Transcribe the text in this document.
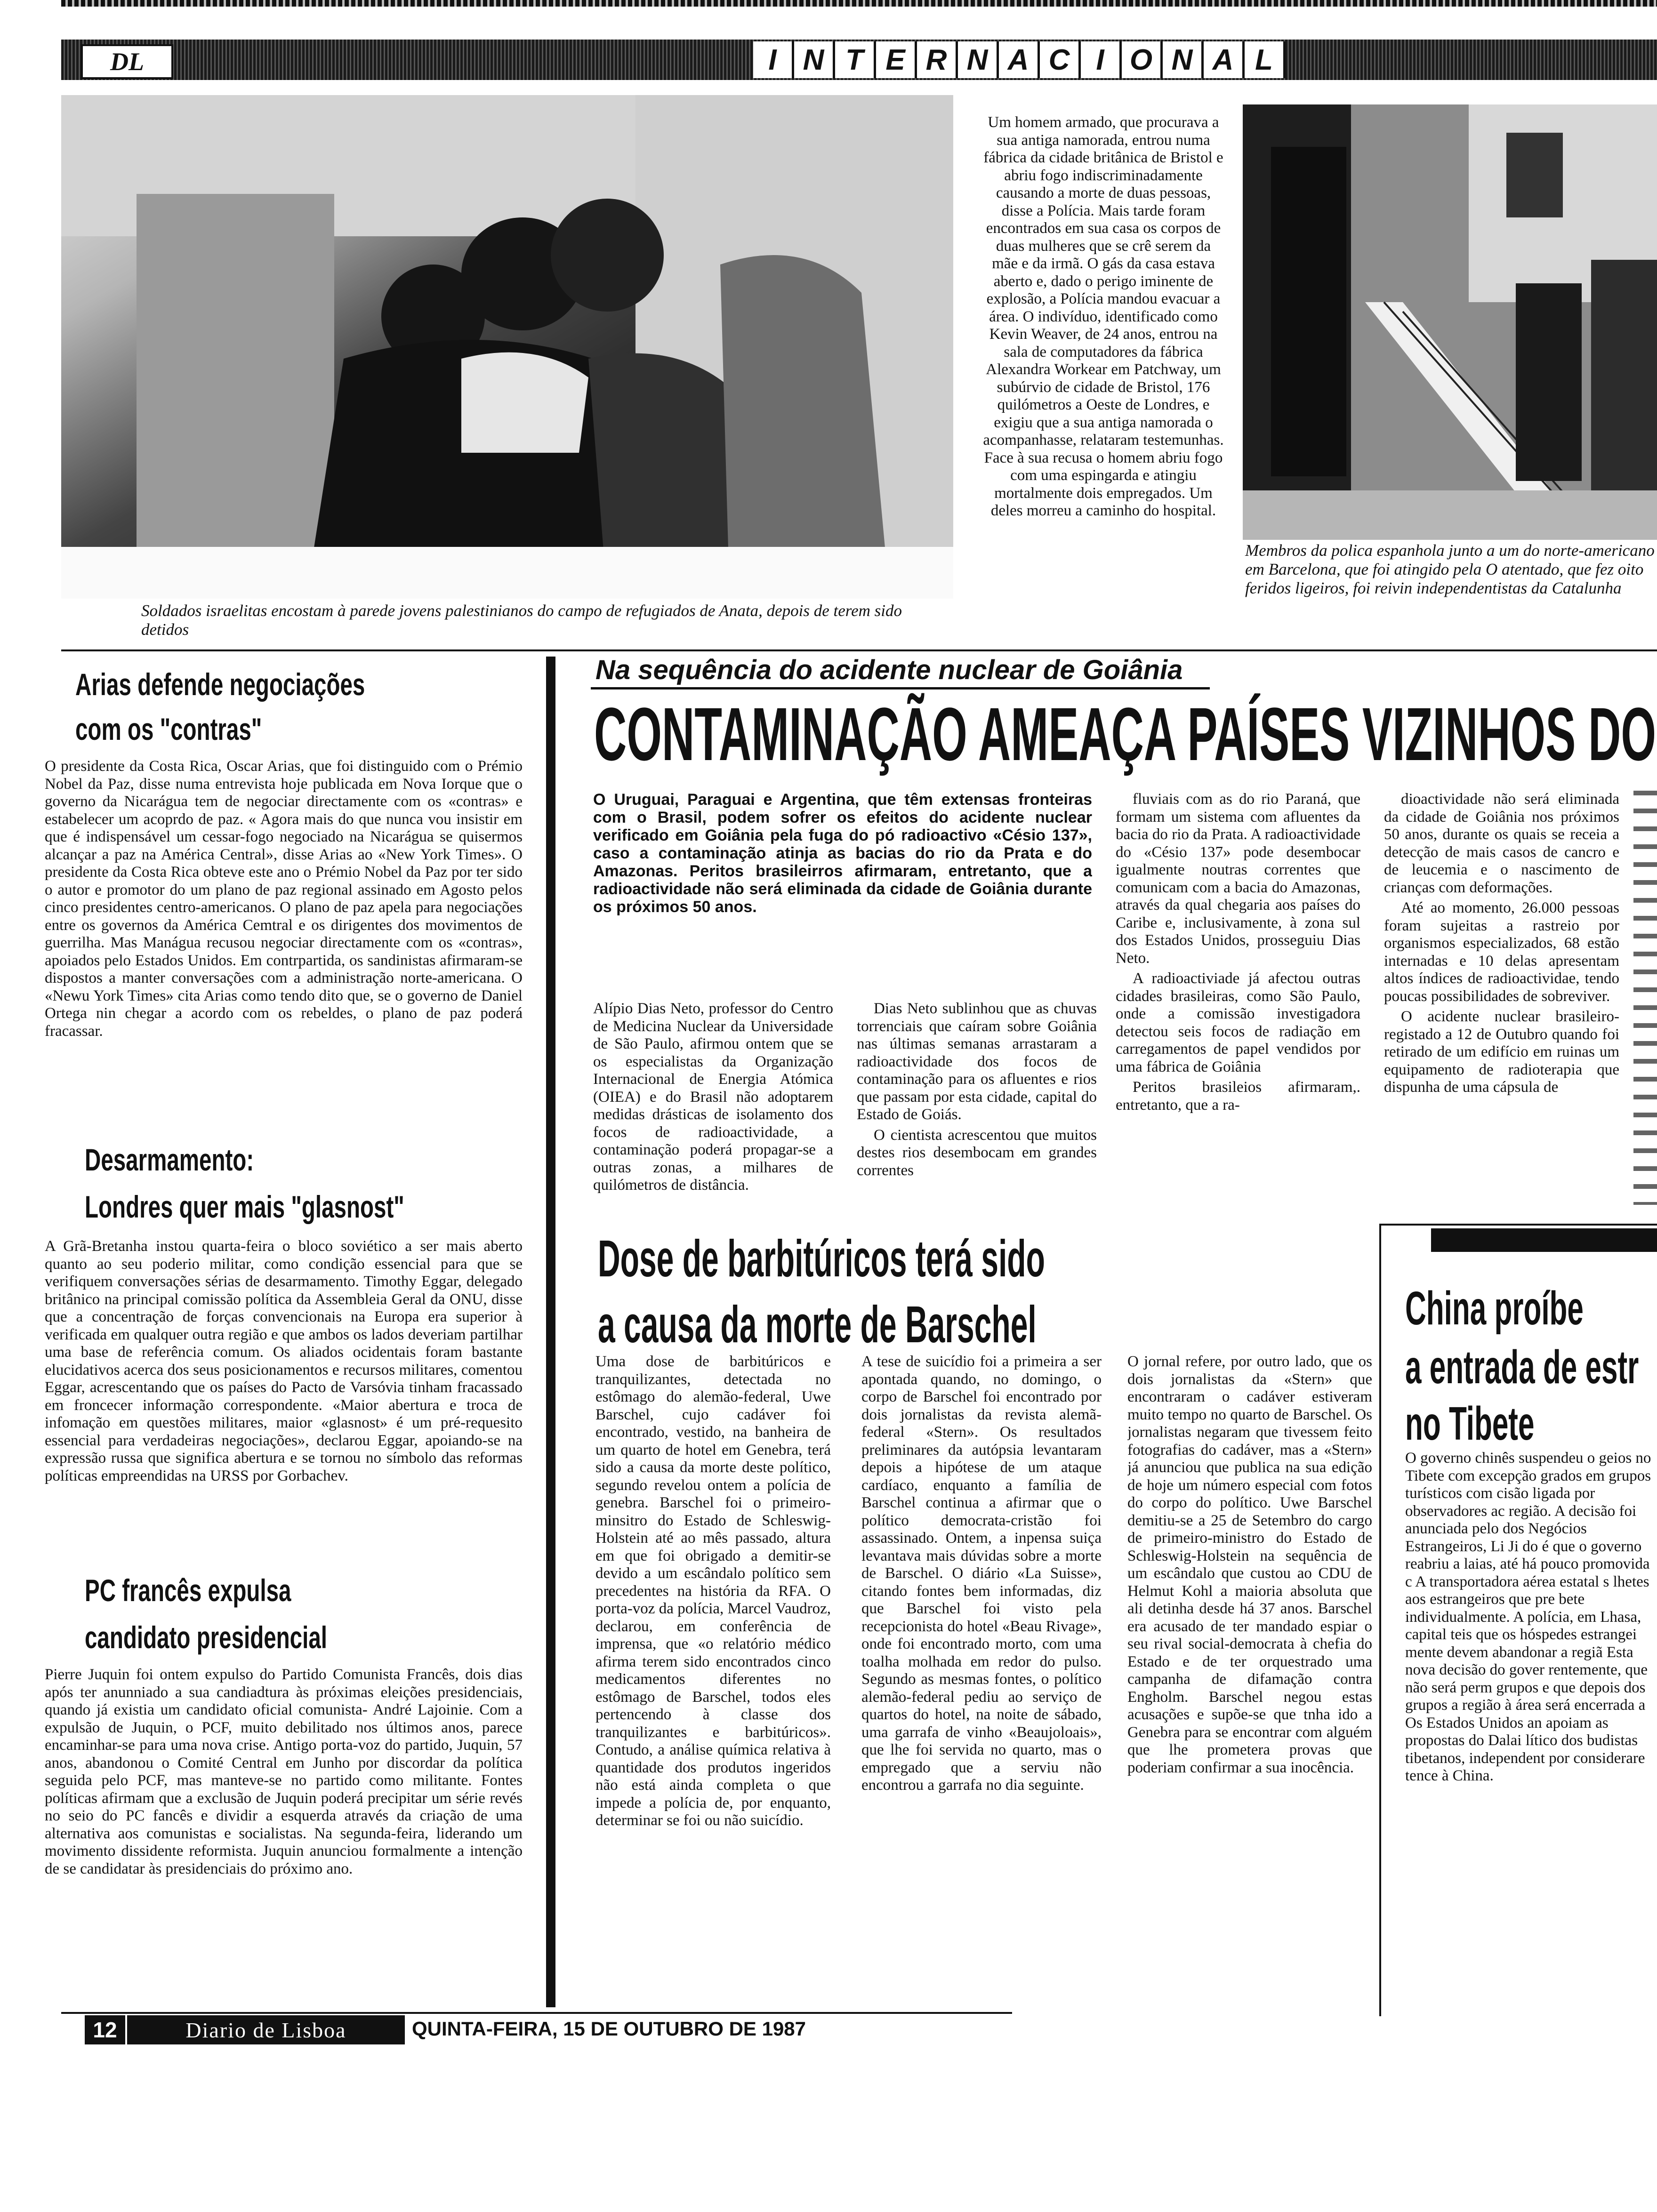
DL	I N T E R N A C I O N A L
Soldados israelitas encostam à parede jovens palestinianos do campo de refugiados de Anata, depois de terem sido detidos
Um homem armado, que procurava a sua antiga namorada, entrou numa fábrica da cidade britânica de Bristol e abriu fogo indiscriminadamente causando a morte de duas pessoas, disse a Polícia. Mais tarde foram encontrados em sua casa os corpos de duas mulheres que se crê serem da mãe e da irmã. O gás da casa estava aberto e, dado o perigo iminente de explosão, a Polícia mandou evacuar a área. O indivíduo, identificado como Kevin Weaver, de 24 anos, entrou na sala de computadores da fábrica Alexandra Workear em Patchway, um subúrvio de cidade de Bristol, 176 quilómetros a Oeste de Londres, e exigiu que a sua antiga namorada o acompanhasse, relataram testemunhas. Face à sua recusa o homem abriu fogo com uma espingarda e atingiu mortalmente dois empregados. Um deles morreu a caminho do hospital.
Membros da polica espanhola junto a um do norte-americano em Barcelona, que foi atingido pela O atentado, que fez oito feridos ligeiros, foi reivin independentistas da Catalunha
Arias defende negociações
com os "contras"
O presidente da Costa Rica, Oscar Arias, que foi distinguido com o Prémio Nobel da Paz, disse numa entrevista hoje publicada em Nova Iorque que o governo da Nicarágua tem de negociar directamente com os «contras» e estabelecer um acoprdo de paz. « Agora mais do que nunca vou insistir em que é indispensável um cessar-fogo negociado na Nicarágua se quisermos alcançar a paz na América Central», disse Arias ao «New York Times». O presidente da Costa Rica obteve este ano o Prémio Nobel da Paz por ter sido o autor e promotor do um plano de paz regional assinado em Agosto pelos cinco presidentes centro-americanos. O plano de paz apela para negociações entre os governos da América Cemtral e os dirigentes dos movimentos de guerrilha. Mas Manágua recusou negociar directamente com os «contras», apoiados pelo Estados Unidos. Em contrpartida, os sandinistas afirmaram-se dispostos a manter conversações com a administração norte-americana. O «Newu York Times» cita Arias como tendo dito que, se o governo de Daniel Ortega nin chegar a acordo com os rebeldes, o plano de paz poderá fracassar.
Desarmamento:
Londres quer mais "glasnost"
A Grã-Bretanha instou quarta-feira o bloco soviético a ser mais aberto quanto ao seu poderio militar, como condição essencial para que se verifiquem conversações sérias de desarmamento. Timothy Eggar, delegado britânico na principal comissão política da Assembleia Geral da ONU, disse que a concentração de forças convencionais na Europa era superior à verificada em qualquer outra região e que ambos os lados deveriam partilhar uma base de referência comum. Os aliados ocidentais foram bastante elucidativos acerca dos seus posicionamentos e recursos militares, comentou Eggar, acrescentando que os países do Pacto de Varsóvia tinham fracassado em froncecer informação correspondente. «Maior abertura e troca de infomação em questões militares, maior «glasnost» é um pré-requesito essencial para verdadeiras negociações», declarou Eggar, apoiando-se na expressão russa que significa abertura e se tornou no símbolo das reformas políticas empreendidas na URSS por Gorbachev.
PC francês expulsa
candidato presidencial
Pierre Juquin foi ontem expulso do Partido Comunista Francês, dois dias após ter anunniado a sua candiadtura às próximas eleições presidenciais, quando já existia um candidato oficial comunista- André Lajoinie. Com a expulsão de Juquin, o PCF, muito debilitado nos últimos anos, parece encaminhar-se para uma nova crise. Antigo porta-voz do partido, Juquin, 57 anos, abandonou o Comité Central em Junho por discordar da política seguida pelo PCF, mas manteve-se no partido como militante. Fontes políticas afirmam que a exclusão de Juquin poderá precipitar um série revés no seio do PC fancês e dividir a esquerda através da criação de uma alternativa aos comunistas e socialistas. Na segunda-feira, liderando um movimento dissidente reformista. Juquin anunciou formalmente a intenção de se candidatar às presidenciais do próximo ano.
Na sequência do acidente nuclear de Goiânia
CONTAMINAÇÃO AMEAÇA PAÍSES VIZINHOS DO
O Uruguai, Paraguai e Argentina, que têm extensas fronteiras com o Brasil, podem sofrer os efeitos do acidente nuclear verificado em Goiânia pela fuga do pó radioactivo «Césio 137», caso a contaminação atinja as bacias do rio da Prata e do Amazonas. Peritos brasileirros afirmaram, entretanto, que a radioactividade não será eliminada da cidade de Goiânia durante os próximos 50 anos.
Alípio Dias Neto, professor do Centro de Medicina Nuclear da Universidade de São Paulo, afirmou ontem que se os especialistas da Organização Internacional de Energia Atómica (OIEA) e do Brasil não adoptarem medidas drásticas de isolamento dos focos de radioactividade, a contaminação poderá propagar-se a outras zonas, a milhares de quilómetros de distância.

Dias Neto sublinhou que as chuvas torrenciais que caíram sobre Goiânia nas últimas semanas arrastaram a radioactividade dos focos de contaminação para os afluentes e rios que passam por esta cidade, capital do Estado de Goiás.

O cientista acrescentou que muitos destes rios desembocam em grandes correntes

fluviais com as do rio Paraná, que formam um sistema com afluentes da bacia do rio da Prata. A radioactividade do «Césio 137» pode desembocar igualmente noutras correntes que comunicam com a bacia do Amazonas, através da qual chegaria aos países do Caribe e, inclusivamente, à zona sul dos Estados Unidos, prosseguiu Dias Neto.

A radioactiviade já afectou outras cidades brasileiras, como São Paulo, onde a comissão investigadora detectou seis focos de radiação em carregamentos de papel vendidos por uma fábrica de Goiânia

Peritos brasileios afirmaram,. entretanto, que a ra-

dioactividade não será eliminada da cidade de Goiânia nos próximos 50 anos, durante os quais se receia a detecção de mais casos de cancro e de leucemia e o nascimento de crianças com deformações.

Até ao momento, 26.000 pessoas foram sujeitas a rastreio por organismos especializados, 68 estão internadas e 10 delas apresentam altos índices de radioactividae, tendo poucas possibilidades de sobreviver.

O acidente nuclear brasileiro- registado a 12 de Outubro quando foi retirado de um edifício em ruinas um equipamento de radioterapia que dispunha de uma cápsula de

Dose de barbitúricos terá sido
a causa da morte de Barschel
Uma dose de barbitúricos e tranquilizantes, detectada no estômago do alemão-federal, Uwe Barschel, cujo cadáver foi encontrado, vestido, na banheira de um quarto de hotel em Genebra, terá sido a causa da morte deste político, segundo revelou ontem a polícia de genebra. Barschel foi o primeiro-minsitro do Estado de Schleswig-Holstein até ao mês passado, altura em que foi obrigado a demitir-se devido a um escândalo político sem precedentes na história da RFA. O porta-voz da polícia, Marcel Vaudroz, declarou, em conferência de imprensa, que «o relatório médico afirma terem sido encontrados cinco medicamentos diferentes no estômago de Barschel, todos eles pertencendo à classe dos tranquilizantes e barbitúricos». Contudo, a análise química relativa à quantidade dos produtos ingeridos não está ainda completa o que impede a polícia de, por enquanto, determinar se foi ou não suicídio.
A tese de suicídio foi a primeira a ser apontada quando, no domingo, o corpo de Barschel foi encontrado por dois jornalistas da revista alemã-federal «Stern». Os resultados preliminares da autópsia levantaram depois a hipótese de um ataque cardíaco, enquanto a família de Barschel continua a afirmar que o político democrata-cristão foi assassinado. Ontem, a inpensa suiça levantava mais dúvidas sobre a morte de Barschel. O diário «La Suisse», citando fontes bem informadas, diz que Barschel foi visto pela recepcionista do hotel «Beau Rivage», onde foi encontrado morto, com uma toalha molhada em redor do pulso. Segundo as mesmas fontes, o político alemão-federal pediu ao serviço de quartos do hotel, na noite de sábado, uma garrafa de vinho «Beaujoloais», que lhe foi servida no quarto, mas o empregado que a serviu não encontrou a garrafa no dia seguinte.
O jornal refere, por outro lado, que os dois jornalistas da «Stern» que encontraram o cadáver estiveram muito tempo no quarto de Barschel. Os jornalistas negaram que tivessem feito fotografias do cadáver, mas a «Stern» já anunciou que publica na sua edição de hoje um número especial com fotos do corpo do político. Uwe Barschel demitiu-se a 25 de Setembro do cargo de primeiro-ministro do Estado de Schleswig-Holstein na sequência de um escândalo que custou ao CDU de Helmut Kohl a maioria absoluta que ali detinha desde há 37 anos. Barschel era acusado de ter mandado espiar o seu rival social-democrata à chefia do Estado e de ter orquestrado uma campanha de difamação contra Engholm. Barschel negou estas acusações e supõe-se que tnha ido a Genebra para se encontrar com alguém que lhe prometera provas que poderiam confirmar a sua inocência.
China proíbe
a entrada de estr
no Tibete
O governo chinês suspendeu o geios no Tibete com excepção grados em grupos turísticos com cisão ligada por observadores ac região. A decisão foi anunciada pelo dos Negócios Estrangeiros, Li Ji do é que o governo reabriu a laias, até há pouco promovida c A transportadora aérea estatal s lhetes aos estrangeiros que pre bete individualmente. A polícia, em Lhasa, capital teis que os hóspedes estrangei mente devem abandonar a regiã Esta nova decisão do gover rentemente, que não será perm grupos e que depois dos grupos a região à área será encerrada a Os Estados Unidos an apoiam as propostas do Dalai lítico dos budistas tibetanos, independent por considerare tence à China.
12	Diario de Lisboa	QUINTA-FEIRA, 15 DE OUTUBRO DE 1987
